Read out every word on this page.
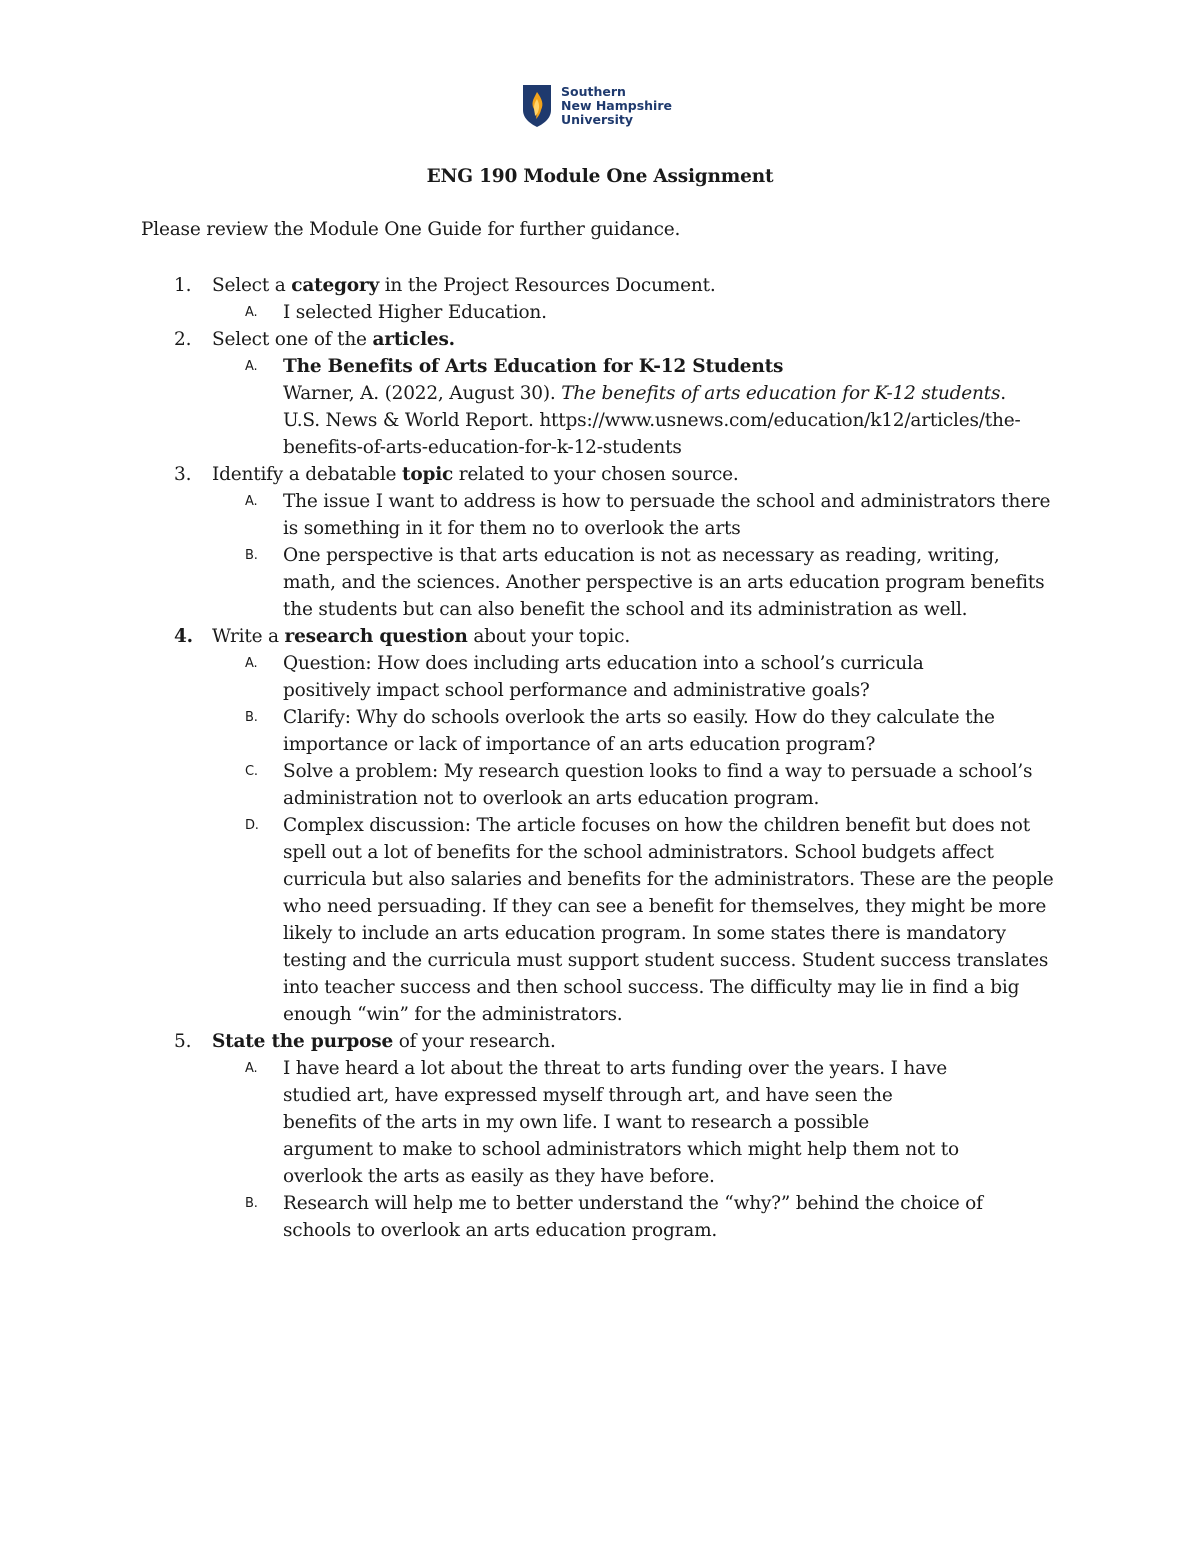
Southern
New Hampshire
University
ENG 190 Module One Assignment
Please review the Module One Guide for further guidance.
1.	Select a category in the Project Resources Document.
A. I selected Higher Education.
2.	Select one of the articles.
A. The Benefits of Arts Education for K-12 Students
Warner, A. (2022, August 30). The benefits of arts education for K-12 students.
U.S. News & World Report. https://www.usnews.com/education/k12/articles/the-
benefits-of-arts-education-for-k-12-students
3.	Identify a debatable topic related to your chosen source.
A. The issue I want to address is how to persuade the school and administrators there
is something in it for them no to overlook the arts
B. One perspective is that arts education is not as necessary as reading, writing,
math, and the sciences. Another perspective is an arts education program benefits
the students but can also benefit the school and its administration as well.
4. Write a research question about your topic.
A. Question: How does including arts education into a school’s curricula
positively impact school performance and administrative goals?
B. Clarify: Why do schools overlook the arts so easily. How do they calculate the
importance or lack of importance of an arts education program?
C. Solve a problem: My research question looks to find a way to persuade a school’s
administration not to overlook an arts education program.
D. Complex discussion: The article focuses on how the children benefit but does not
spell out a lot of benefits for the school administrators. School budgets affect
curricula but also salaries and benefits for the administrators. These are the people
who need persuading. If they can see a benefit for themselves, they might be more
likely to include an arts education program. In some states there is mandatory
testing and the curricula must support student success. Student success translates
into teacher success and then school success. The difficulty may lie in find a big
enough “win” for the administrators.
5.	State the purpose of your research.
A. I have heard a lot about the threat to arts funding over the years. I have
studied art, have expressed myself through art, and have seen the
benefits of the arts in my own life. I want to research a possible
argument to make to school administrators which might help them not to
overlook the arts as easily as they have before.
B. Research will help me to better understand the “why?” behind the choice of
schools to overlook an arts education program.
